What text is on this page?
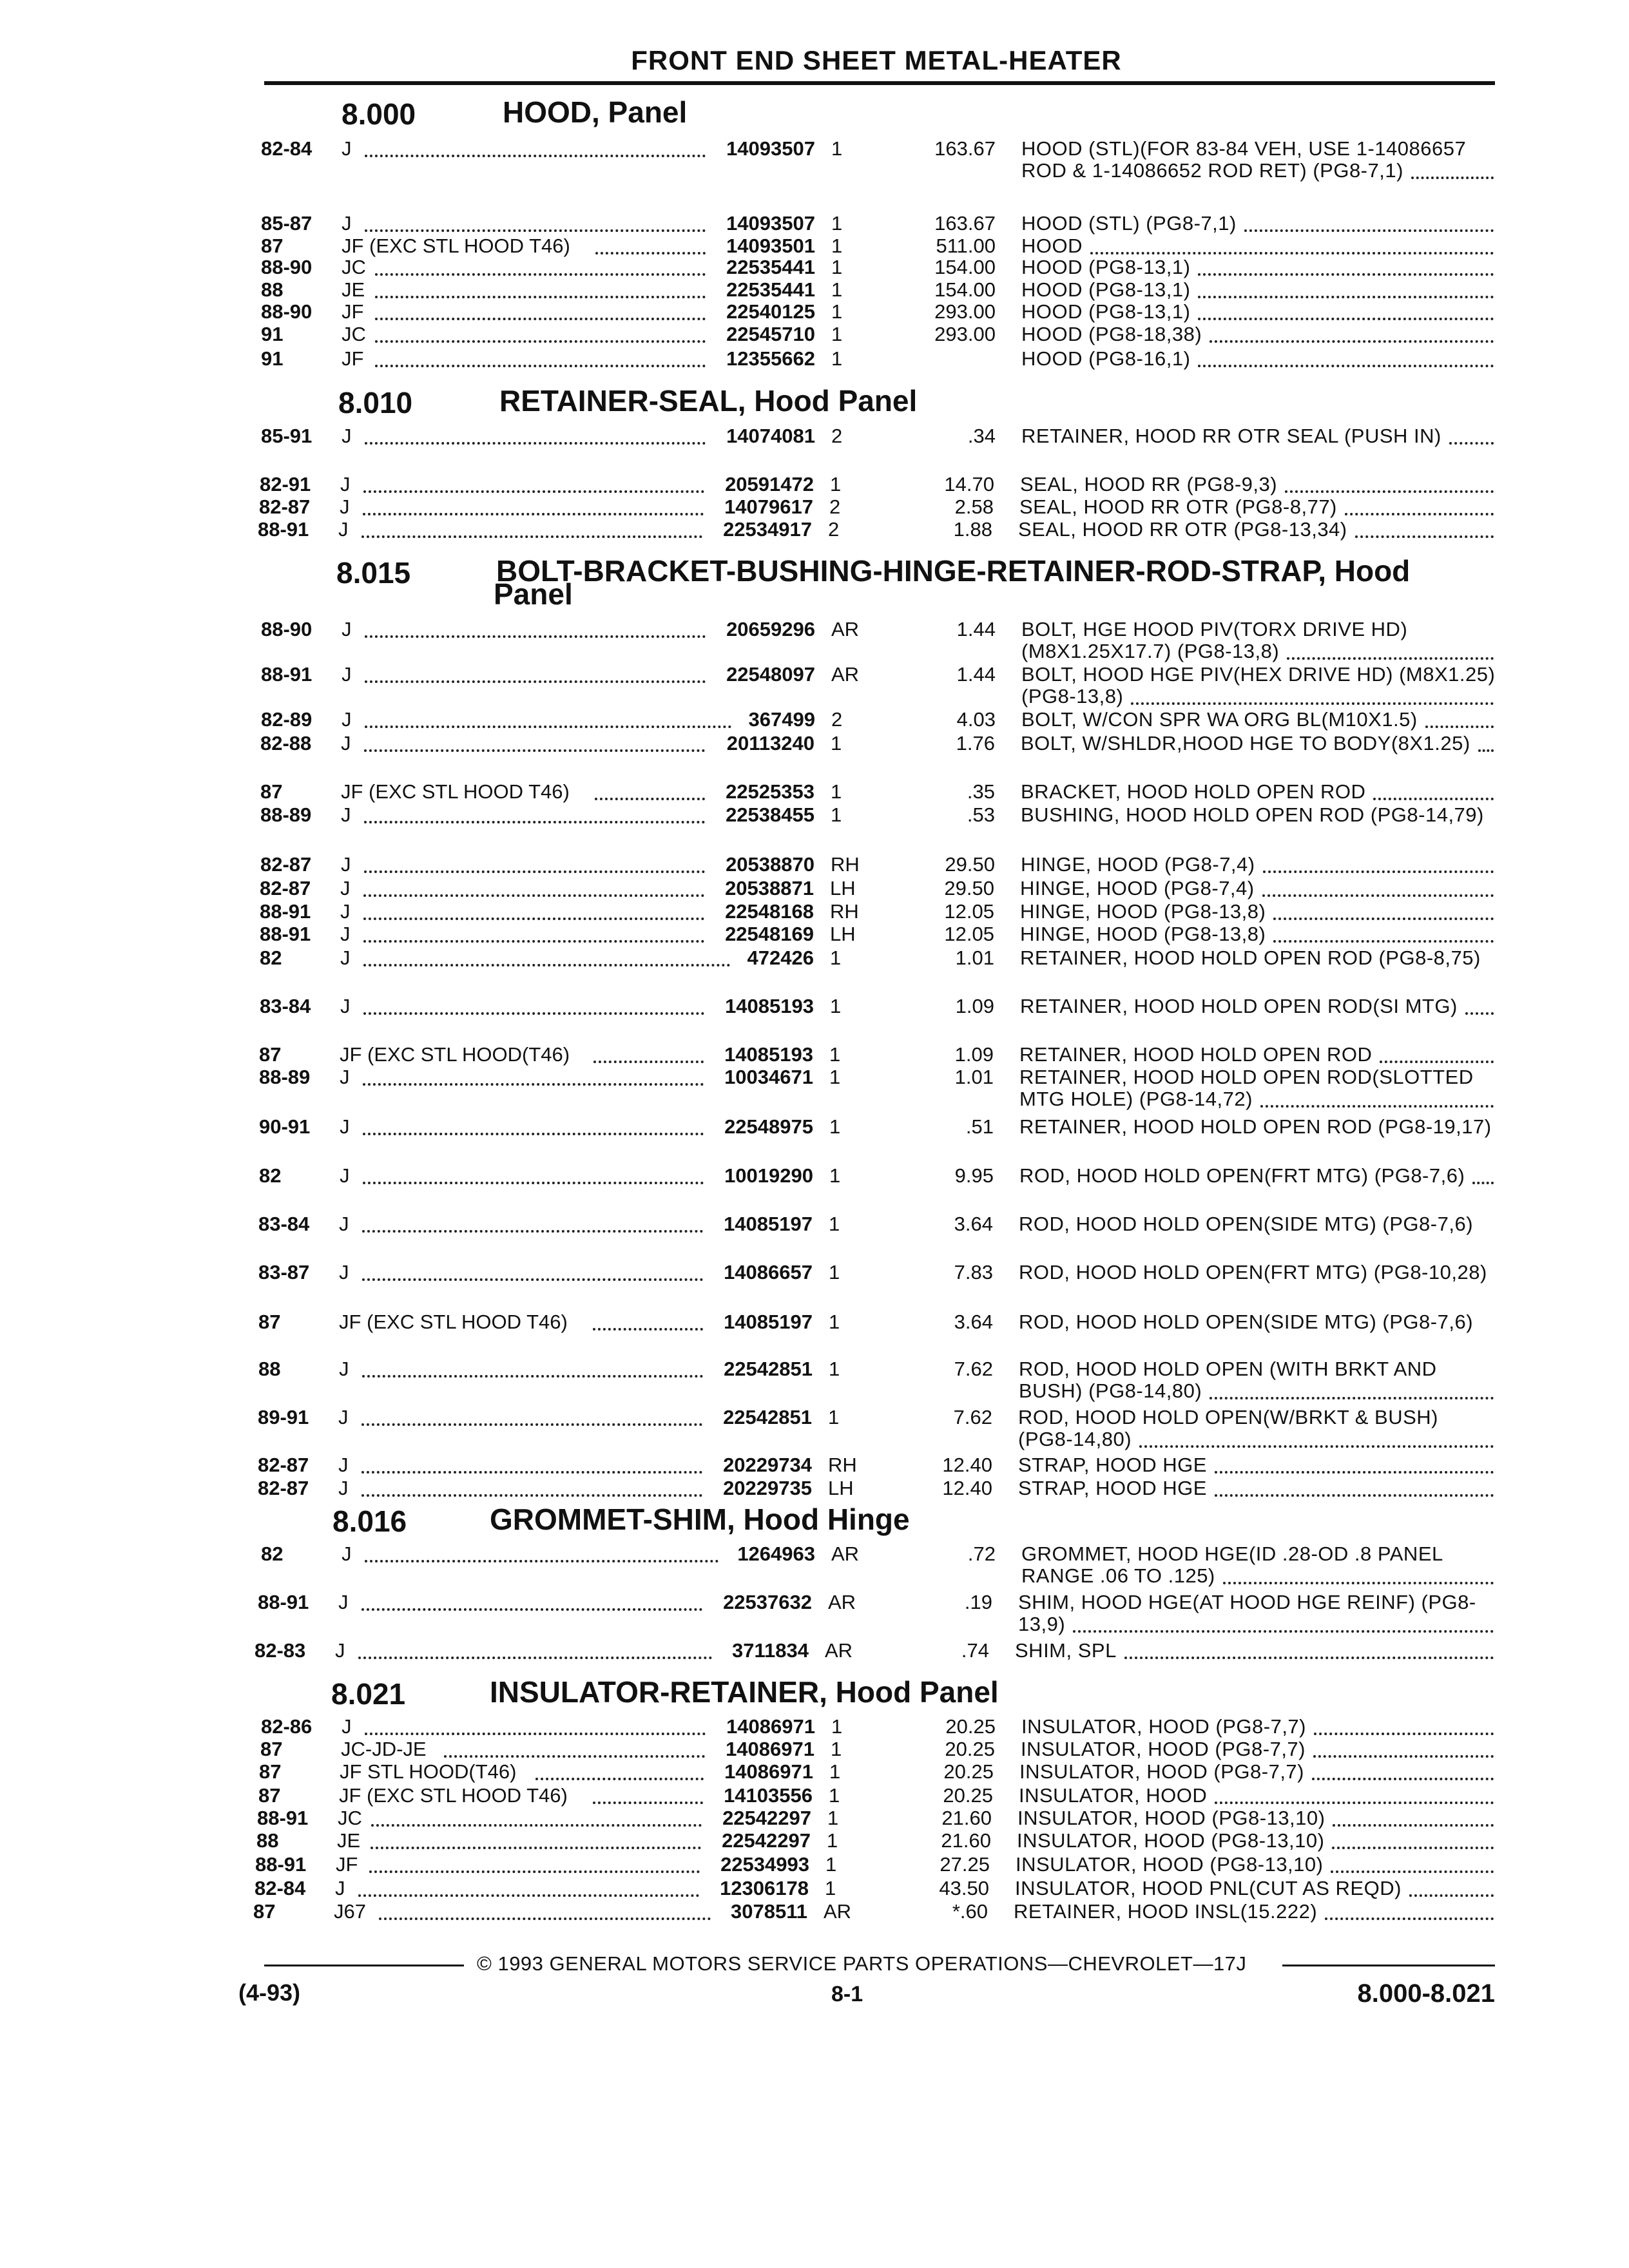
FRONT END SHEET METAL-HEATER
8.000	HOOD, Panel
82-84 J	14093507 1	163.67 HOOD (STL)(FOR 83-84 VEH, USE 1-14086657 ROD & 1-14086652 ROD RET) (PG8-7,1)
85-87 J	14093507 1	163.67 HOOD (STL) (PG8-7,1)
87	JF (EXC STL HOOD T46)	14093501 1	511.00 HOOD
88-90 JC	22535441 1	154.00 HOOD (PG8-13,1)
88	JE	22535441 1	154.00 HOOD (PG8-13,1)
88-90 JF	22540125 1	293.00 HOOD (PG8-13,1)
91	JC	22545710 1	293.00 HOOD (PG8-18,38)
91	JF	12355662 1	HOOD (PG8-16,1)
8.010	RETAINER-SEAL, Hood Panel
85-91 J	14074081 2	.34 RETAINER, HOOD RR OTR SEAL (PUSH IN)
82-91 J	20591472 1	14.70 SEAL, HOOD RR (PG8-9,3)
82-87 J	14079617 2	2.58 SEAL, HOOD RR OTR (PG8-8,77)
88-91 J	22534917 2	1.88 SEAL, HOOD RR OTR (PG8-13,34)
8.015	BOLT-BRACKET-BUSHING-HINGE-RETAINER-ROD-STRAP, Hood
Panel
88-90 J	20659296 AR	1.44 BOLT, HGE HOOD PIV(TORX DRIVE HD) (M8X1.25X17.7) (PG8-13,8)
88-91 J	22548097 AR	1.44 BOLT, HOOD HGE PIV(HEX DRIVE HD) (M8X1.25) (PG8-13,8)
82-89 J	367499 2	4.03 BOLT, W/CON SPR WA ORG BL(M10X1.5)
82-88 J	20113240 1	1.76 BOLT, W/SHLDR,HOOD HGE TO BODY(8X1.25)
87	JF (EXC STL HOOD T46)	22525353 1	.35 BRACKET, HOOD HOLD OPEN ROD
88-89 J	22538455 1	.53 BUSHING, HOOD HOLD OPEN ROD (PG8-14,79)
82-87 J	20538870 RH	29.50 HINGE, HOOD (PG8-7,4)
82-87 J	20538871 LH	29.50 HINGE, HOOD (PG8-7,4)
88-91 J	22548168 RH	12.05 HINGE, HOOD (PG8-13,8)
88-91 J	22548169 LH	12.05 HINGE, HOOD (PG8-13,8)
82	J	472426 1	1.01 RETAINER, HOOD HOLD OPEN ROD (PG8-8,75)
83-84 J	14085193 1	1.09 RETAINER, HOOD HOLD OPEN ROD(SI MTG)
87	JF (EXC STL HOOD(T46)	14085193 1	1.09 RETAINER, HOOD HOLD OPEN ROD
88-89 J	10034671 1	1.01 RETAINER, HOOD HOLD OPEN ROD(SLOTTED MTG HOLE) (PG8-14,72)
90-91 J	22548975 1	.51 RETAINER, HOOD HOLD OPEN ROD (PG8-19,17)
82	J	10019290 1	9.95 ROD, HOOD HOLD OPEN(FRT MTG) (PG8-7,6)
83-84 J	14085197 1	3.64 ROD, HOOD HOLD OPEN(SIDE MTG) (PG8-7,6)
83-87 J	14086657 1	7.83 ROD, HOOD HOLD OPEN(FRT MTG) (PG8-10,28)
87	JF (EXC STL HOOD T46)	14085197 1	3.64 ROD, HOOD HOLD OPEN(SIDE MTG) (PG8-7,6)
88	J	22542851 1	7.62 ROD, HOOD HOLD OPEN (WITH BRKT AND BUSH) (PG8-14,80)
89-91 J	22542851 1	7.62 ROD, HOOD HOLD OPEN(W/BRKT & BUSH) (PG8-14,80)
82-87 J	20229734 RH	12.40 STRAP, HOOD HGE
82-87 J	20229735 LH	12.40 STRAP, HOOD HGE
8.016	GROMMET-SHIM, Hood Hinge
82	J	1264963 AR	.72 GROMMET, HOOD HGE(ID .28-OD .8 PANEL RANGE .06 TO .125)
88-91 J	22537632 AR	.19 SHIM, HOOD HGE(AT HOOD HGE REINF) (PG8-13,9)
82-83 J	3711834 AR	.74 SHIM, SPL
8.021	INSULATOR-RETAINER, Hood Panel
82-86 J	14086971 1	20.25 INSULATOR, HOOD (PG8-7,7)
87	JC-JD-JE	14086971 1	20.25 INSULATOR, HOOD (PG8-7,7)
87	JF STL HOOD(T46)	14086971 1	20.25 INSULATOR, HOOD (PG8-7,7)
87	JF (EXC STL HOOD T46)	14103556 1	20.25 INSULATOR, HOOD
88-91 JC	22542297 1	21.60 INSULATOR, HOOD (PG8-13,10)
88	JE	22542297 1	21.60 INSULATOR, HOOD (PG8-13,10)
88-91 JF	22534993 1	27.25 INSULATOR, HOOD (PG8-13,10)
82-84 J	12306178 1	43.50 INSULATOR, HOOD PNL(CUT AS REQD)
87	J67	3078511 AR	*.60 RETAINER, HOOD INSL(15.222)
© 1993 GENERAL MOTORS SERVICE PARTS OPERATIONS—CHEVROLET—17J
(4-93)	8-1	8.000-8.021
